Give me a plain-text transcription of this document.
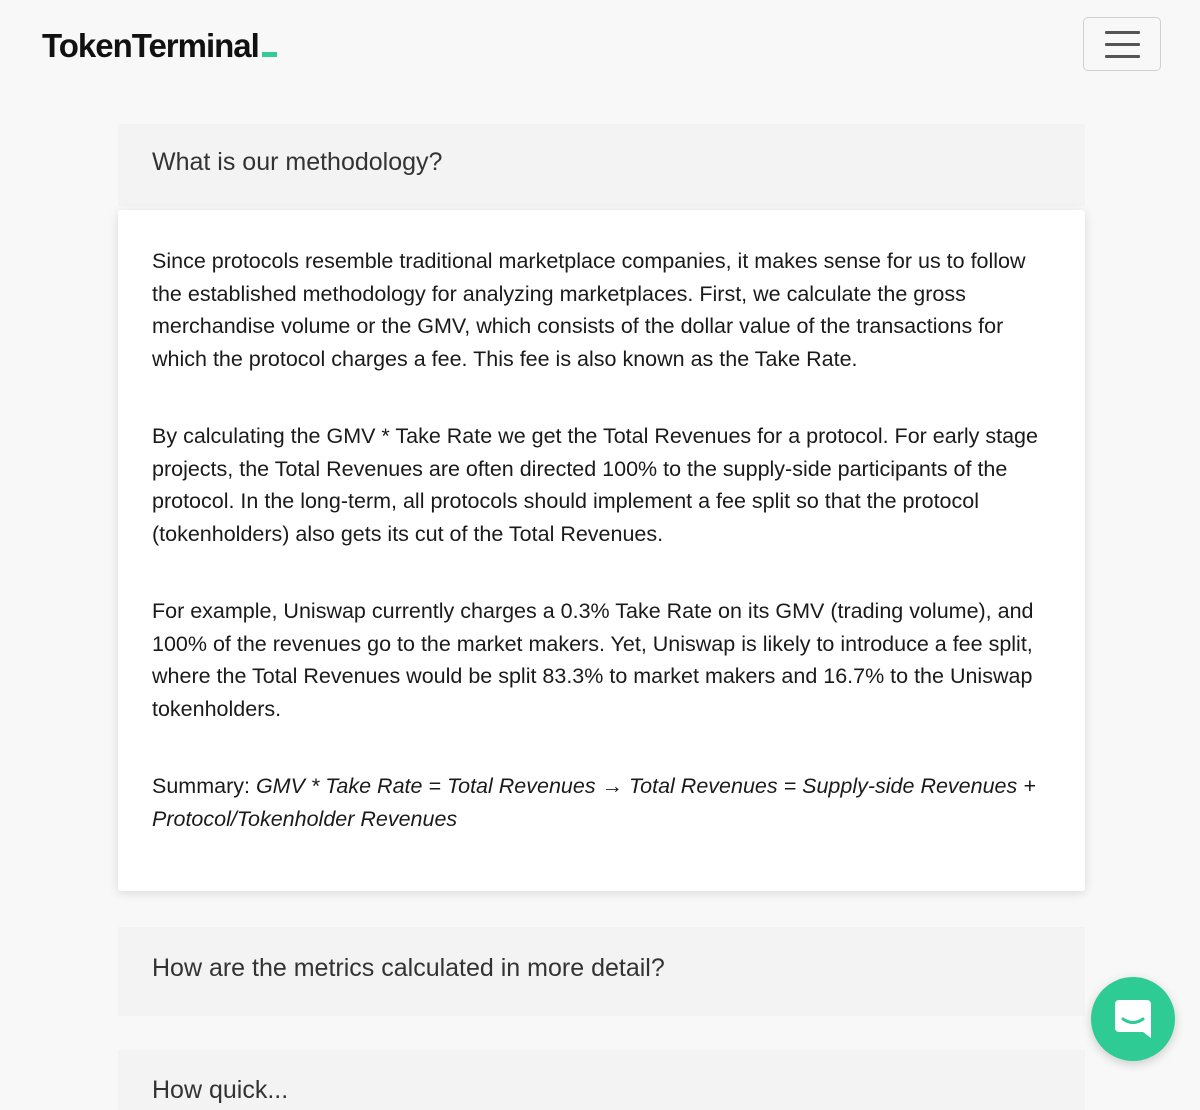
TokenTerminal
What is our methodology?

Since protocols resemble traditional marketplace companies, it makes sense for us to follow the established methodology for analyzing marketplaces. First, we calculate the gross merchandise volume or the GMV, which consists of the dollar value of the transactions for which the protocol charges a fee. This fee is also known as the Take Rate.

By calculating the GMV * Take Rate we get the Total Revenues for a protocol. For early stage projects, the Total Revenues are often directed 100% to the supply-side participants of the protocol. In the long-term, all protocols should implement a fee split so that the protocol (tokenholders) also gets its cut of the Total Revenues.

For example, Uniswap currently charges a 0.3% Take Rate on its GMV (trading volume), and 100% of the revenues go to the market makers. Yet, Uniswap is likely to introduce a fee split, where the Total Revenues would be split 83.3% to market makers and 16.7% to the Uniswap tokenholders.

Summary: GMV * Take Rate = Total Revenues → Total Revenues = Supply-side Revenues + Protocol/Tokenholder Revenues

How are the metrics calculated in more detail?
How quick...
